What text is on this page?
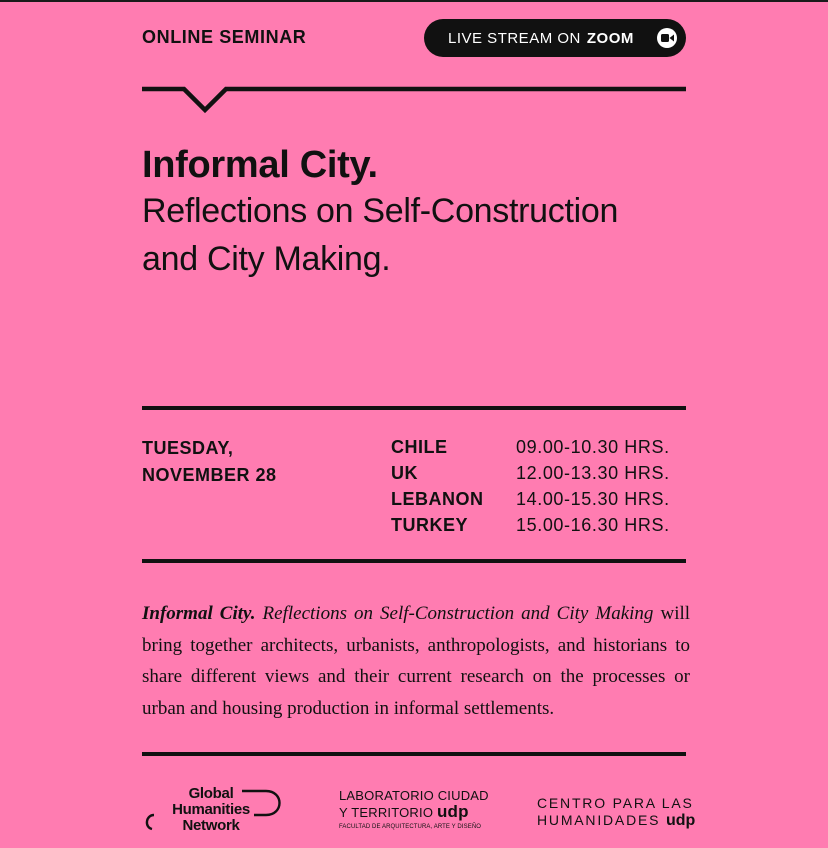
ONLINE SEMINAR	LIVE STREAM ON ZOOM
Informal City.
Reflections on Self-Construction
and City Making.
TUESDAY,
NOVEMBER 28
CHILE	09.00-10.30 HRS.
UK	12.00-13.30 HRS.
LEBANON	14.00-15.30 HRS.
TURKEY	15.00-16.30 HRS.
Informal City. Reflections on Self-Construction and City Making will bring together architects, urbanists, anthropologists, and historians to share different views and their current research on the processes or urban and housing production in informal settlements.
Global
Humanities
Network
LABORATORIO CIUDAD
Y TERRITORIO udp
FACULTAD DE ARQUITECTURA, ARTE Y DISEÑO
CENTRO PARA LAS
HUMANIDADES udp
